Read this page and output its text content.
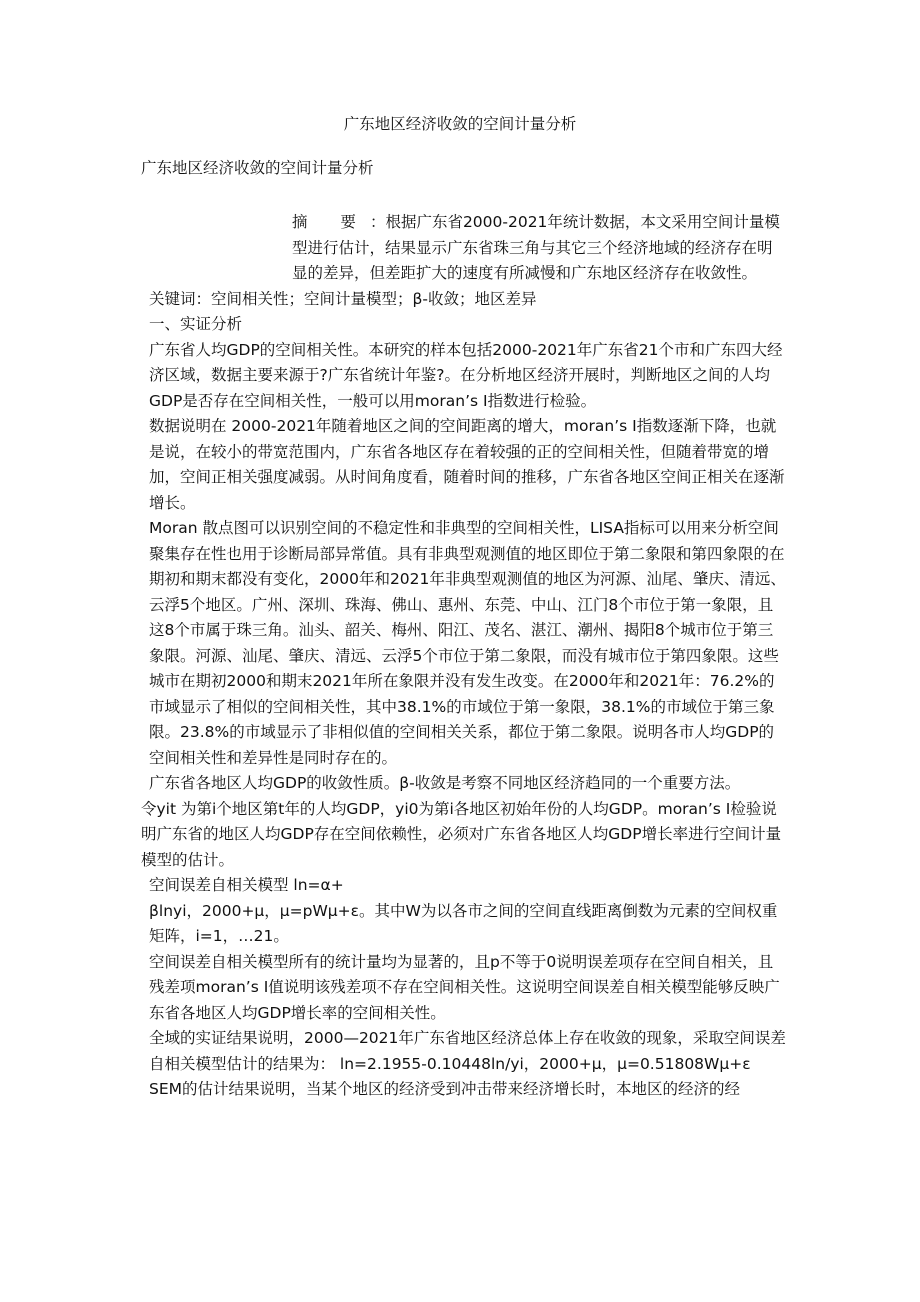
广东地区经济收敛的空间计量分析
广东地区经济收敛的空间计量分析

摘 要：根据广东省2000-2021年统计数据，本文采用空间计量模型进行估计，结果显示广东省珠三角与其它三个经济地域的经济存在明显的差异，但差距扩大的速度有所减慢和广东地区经济存在收敛性。

关键词：空间相关性；空间计量模型；β-收敛；地区差异

一、实证分析

广东省人均GDP的空间相关性。本研究的样本包括2000-2021年广东省21个市和广东四大经济区域，数据主要来源于?广东省统计年鉴?。在分析地区经济开展时，判断地区之间的人均GDP是否存在空间相关性，一般可以用moran’s I指数进行检验。

数据说明在 2000-2021年随着地区之间的空间距离的增大，moran’s I指数逐渐下降，也就是说，在较小的带宽范围内，广东省各地区存在着较强的正的空间相关性，但随着带宽的增加，空间正相关强度减弱。从时间角度看，随着时间的推移，广东省各地区空间正相关在逐渐增长。

Moran 散点图可以识别空间的不稳定性和非典型的空间相关性，LISA指标可以用来分析空间聚集存在性也用于诊断局部异常值。具有非典型观测值的地区即位于第二象限和第四象限的在期初和期末都没有变化，2000年和2021年非典型观测值的地区为河源、汕尾、肇庆、清远、云浮5个地区。广州、深圳、珠海、佛山、惠州、东莞、中山、江门8个市位于第一象限，且这8个市属于珠三角。汕头、韶关、梅州、阳江、茂名、湛江、潮州、揭阳8个城市位于第三象限。河源、汕尾、肇庆、清远、云浮5个市位于第二象限，而没有城市位于第四象限。这些城市在期初2000和期末2021年所在象限并没有发生改变。在2000年和2021年：76.2%的市域显示了相似的空间相关性，其中38.1%的市域位于第一象限，38.1%的市域位于第三象限。23.8%的市域显示了非相似值的空间相关关系，都位于第二象限。说明各市人均GDP的空间相关性和差异性是同时存在的。

广东省各地区人均GDP的收敛性质。β-收敛是考察不同地区经济趋同的一个重要方法。

令yit 为第i个地区第t年的人均GDP，yi0为第i各地区初始年份的人均GDP。moran’s I检验说明广东省的地区人均GDP存在空间依赖性，必须对广东省各地区人均GDP增长率进行空间计量模型的估计。

空间误差自相关模型 ln=α+

βlnyi，2000+μ，μ=pWμ+ε。其中W为以各市之间的空间直线距离倒数为元素的空间权重矩阵，i=1，…21。

空间误差自相关模型所有的统计量均为显著的，且p不等于0说明误差项存在空间自相关，且残差项moran’s I值说明该残差项不存在空间相关性。这说明空间误差自相关模型能够反映广东省各地区人均GDP增长率的空间相关性。

全域的实证结果说明，2000—2021年广东省地区经济总体上存在收敛的现象，采取空间误差自相关模型估计的结果为： ln=2.1955-0.10448ln/yi，2000+μ，μ=0.51808Wμ+ε

SEM的估计结果说明，当某个地区的经济受到冲击带来经济增长时，本地区的经济的经
